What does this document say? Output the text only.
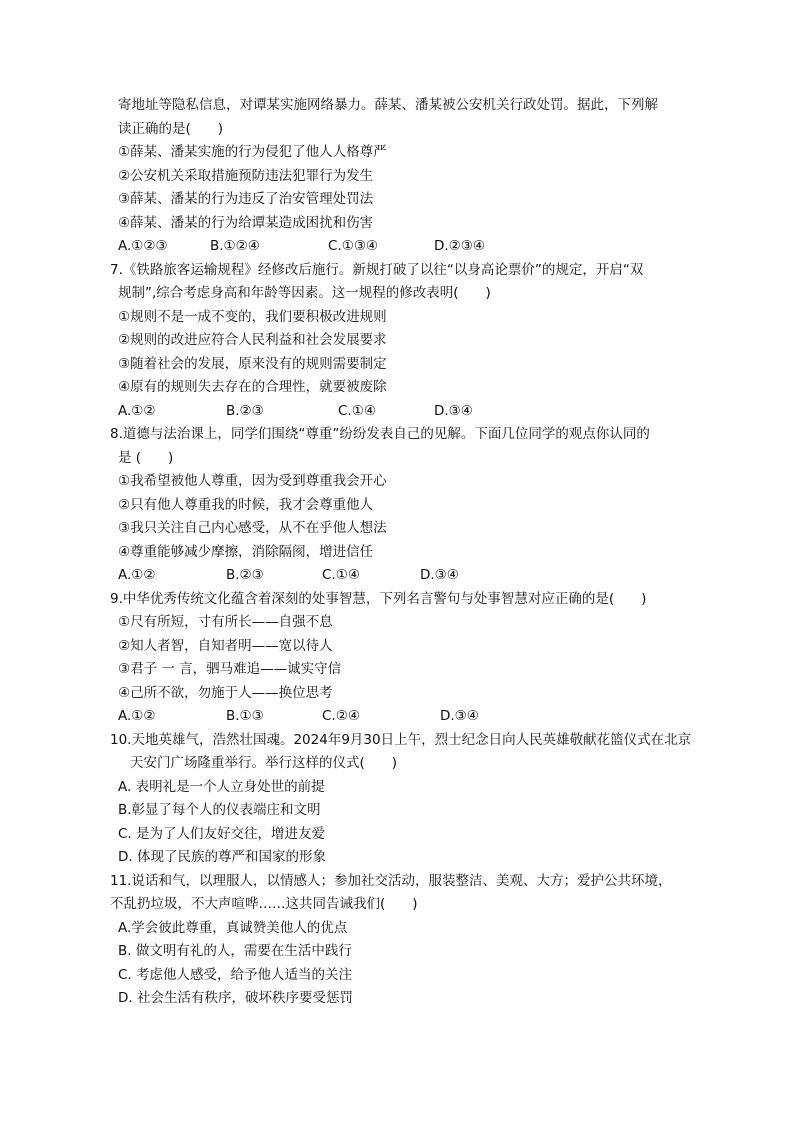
寄地址等隐私信息，对谭某实施网络暴力。薛某、潘某被公安机关行政处罚。据此，下列解
读正确的是(　　)
①薛某、潘某实施的行为侵犯了他人人格尊严
②公安机关采取措施预防违法犯罪行为发生
③薛某、潘某的行为违反了治安管理处罚法
④薛某、潘某的行为给谭某造成困扰和伤害
A.①②③	B.①②④	C.①③④	D.②③④
7.《铁路旅客运输规程》经修改后施行。新规打破了以往“以身高论票价”的规定，开启“双
规制”,综合考虑身高和年龄等因素。这一规程的修改表明(　　)
①规则不是一成不变的，我们要积极改进规则
②规则的改进应符合人民利益和社会发展要求
③随着社会的发展，原来没有的规则需要制定
④原有的规则失去存在的合理性，就要被废除
A.①②	B.②③	C.①④	D.③④
8.道德与法治课上，同学们围绕“尊重”纷纷发表自己的见解。下面几位同学的观点你认同的
是 (　　)
①我希望被他人尊重，因为受到尊重我会开心
②只有他人尊重我的时候，我才会尊重他人
③我只关注自己内心感受，从不在乎他人想法
④尊重能够减少摩擦，消除隔阂，增进信任
A.①②	B.②③	C.①④	D.③④
9.中华优秀传统文化蕴含着深刻的处事智慧，下列名言警句与处事智慧对应正确的是(　　)
①尺有所短，寸有所长——自强不息
②知人者智，自知者明——宽以待人
③君子 一 言，驷马难追——诚实守信
④己所不欲，勿施于人——换位思考
A.①②	B.①③	C.②④	D.③④
10.天地英雄气，浩然壮国魂。2024年9月30日上午，烈士纪念日向人民英雄敬献花篮仪式在北京
天安门广场隆重举行。举行这样的仪式(　　)
A. 表明礼是一个人立身处世的前提
B.彰显了每个人的仪表端庄和文明
C. 是为了人们友好交往，增进友爱
D. 体现了民族的尊严和国家的形象
11.说话和气，以理服人，以情感人；参加社交活动，服装整洁、美观、大方；爱护公共环境，
不乱扔垃圾，不大声喧哗……这共同告诫我们(　　)
A.学会彼此尊重，真诚赞美他人的优点
B. 做文明有礼的人，需要在生活中践行
C. 考虑他人感受，给予他人适当的关注
D. 社会生活有秩序，破坏秩序要受惩罚
